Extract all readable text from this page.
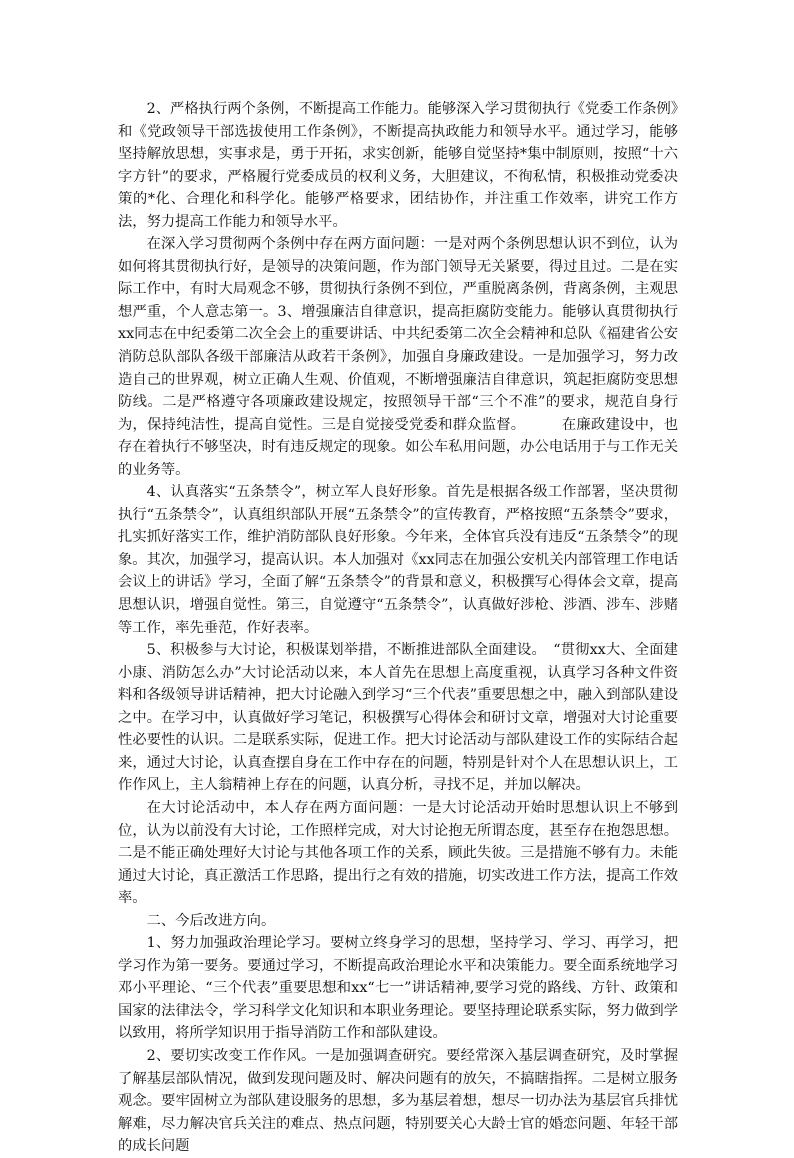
2、严格执行两个条例，不断提高工作能力。能够深入学习贯彻执行《党委工作条例》和《党政领导干部选拔使用工作条例》，不断提高执政能力和领导水平。通过学习，能够坚持解放思想，实事求是，勇于开拓，求实创新，能够自觉坚持*集中制原则，按照“十六字方针”的要求，严格履行党委成员的权利义务，大胆建议，不徇私情，积极推动党委决策的*化、合理化和科学化。能够严格要求，团结协作，并注重工作效率，讲究工作方法，努力提高工作能力和领导水平。

在深入学习贯彻两个条例中存在两方面问题：一是对两个条例思想认识不到位，认为如何将其贯彻执行好，是领导的决策问题，作为部门领导无关紧要，得过且过。二是在实际工作中，有时大局观念不够，贯彻执行条例不到位，严重脱离条例，背离条例，主观思想严重，个人意志第一。3、增强廉洁自律意识，提高拒腐防变能力。能够认真贯彻执行xx同志在中纪委第二次全会上的重要讲话、中共纪委第二次全会精神和总队《福建省公安消防总队部队各级干部廉洁从政若干条例》，加强自身廉政建设。一是加强学习，努力改造自己的世界观，树立正确人生观、价值观，不断增强廉洁自律意识，筑起拒腐防变思想防线。二是严格遵守各项廉政建设规定，按照领导干部“三个不准”的要求，规范自身行为，保持纯洁性，提高自觉性。三是自觉接受党委和群众监督。　　　在廉政建设中，也存在着执行不够坚决，时有违反规定的现象。如公车私用问题，办公电话用于与工作无关的业务等。

4、认真落实“五条禁令”，树立军人良好形象。首先是根据各级工作部署，坚决贯彻执行“五条禁令”，认真组织部队开展“五条禁令”的宣传教育，严格按照“五条禁令”要求，扎实抓好落实工作，维护消防部队良好形象。今年来，全体官兵没有违反“五条禁令”的现象。其次，加强学习，提高认识。本人加强对《xx同志在加强公安机关内部管理工作电话会议上的讲话》学习，全面了解“五条禁令”的背景和意义，积极撰写心得体会文章，提高思想认识，增强自觉性。第三，自觉遵守“五条禁令”，认真做好涉枪、涉酒、涉车、涉赌等工作，率先垂范，作好表率。

5、积极参与大讨论，积极谋划举措，不断推进部队全面建设。　“贯彻xx大、全面建小康、消防怎么办”大讨论活动以来，本人首先在思想上高度重视，认真学习各种文件资料和各级领导讲话精神，把大讨论融入到学习“三个代表”重要思想之中，融入到部队建设之中。在学习中，认真做好学习笔记，积极撰写心得体会和研讨文章，增强对大讨论重要性必要性的认识。二是联系实际，促进工作。把大讨论活动与部队建设工作的实际结合起来，通过大讨论，认真查摆自身在工作中存在的问题，特别是针对个人在思想认识上，工作作风上，主人翁精神上存在的问题，认真分析，寻找不足，并加以解决。

在大讨论活动中，本人存在两方面问题：一是大讨论活动开始时思想认识上不够到位，认为以前没有大讨论，工作照样完成，对大讨论抱无所谓态度，甚至存在抱怨思想。二是不能正确处理好大讨论与其他各项工作的关系，顾此失彼。三是措施不够有力。未能通过大讨论，真正激活工作思路，提出行之有效的措施，切实改进工作方法，提高工作效率。

二、今后改进方向。

1、努力加强政治理论学习。要树立终身学习的思想，坚持学习、学习、再学习，把学习作为第一要务。要通过学习，不断提高政治理论水平和决策能力。要全面系统地学习邓小平理论、“三个代表”重要思想和xx“七一”讲话精神,要学习党的路线、方针、政策和国家的法律法令，学习科学文化知识和本职业务理论。要坚持理论联系实际，努力做到学以致用，将所学知识用于指导消防工作和部队建设。

2、要切实改变工作作风。一是加强调查研究。要经常深入基层调查研究，及时掌握了解基层部队情况，做到发现问题及时、解决问题有的放矢，不搞瞎指挥。二是树立服务观念。要牢固树立为部队建设服务的思想，多为基层着想，想尽一切办法为基层官兵排忧解难，尽力解决官兵关注的难点、热点问题，特别要关心大龄士官的婚恋问题、年轻干部的成长问题
